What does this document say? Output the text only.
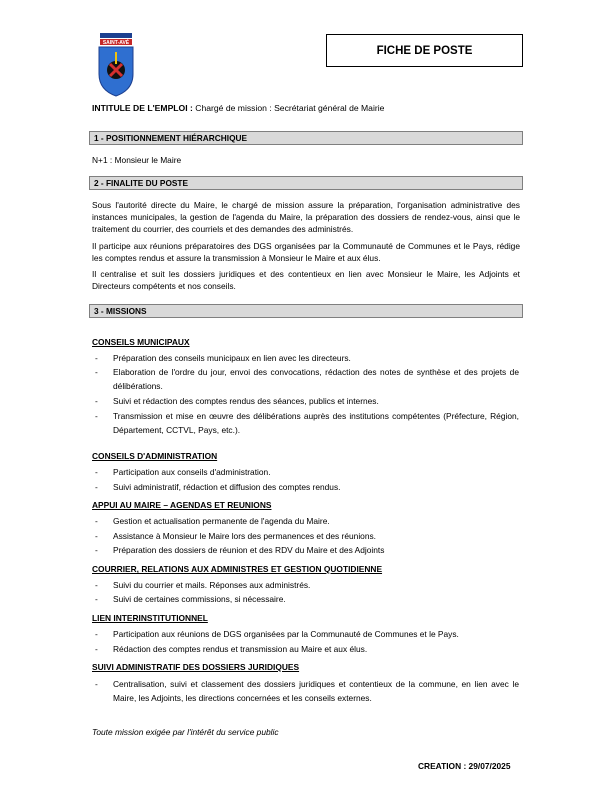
SAINT-AVÉ
FICHE DE POSTE
INTITULE DE L'EMPLOI : Chargé de mission : Secrétariat général de Mairie
1 - POSITIONNEMENT HIÉRARCHIQUE
N+1 : Monsieur le Maire
2 - FINALITE DU POSTE
Sous l'autorité directe du Maire, le chargé de mission assure la préparation, l'organisation administrative des instances municipales, la gestion de l'agenda du Maire, la préparation des dossiers de rendez-vous, ainsi que le traitement du courrier, des courriels et des demandes des administrés.
Il participe aux réunions préparatoires des DGS organisées par la Communauté de Communes et le Pays, rédige les comptes rendus et assure la transmission à Monsieur le Maire et aux élus.
Il centralise et suit les dossiers juridiques et des contentieux en lien avec Monsieur le Maire, les Adjoints et Directeurs compétents et nos conseils.
3 - MISSIONS
CONSEILS MUNICIPAUX
- Préparation des conseils municipaux en lien avec les directeurs.
- Elaboration de l'ordre du jour, envoi des convocations, rédaction des notes de synthèse et des projets de délibérations.
- Suivi et rédaction des comptes rendus des séances, publics et internes.
- Transmission et mise en œuvre des délibérations auprès des institutions compétentes (Préfecture, Région, Département, CCTVL, Pays, etc.).
CONSEILS D'ADMINISTRATION
- Participation aux conseils d'administration.
- Suivi administratif, rédaction et diffusion des comptes rendus.
APPUI AU MAIRE – AGENDAS ET REUNIONS
- Gestion et actualisation permanente de l'agenda du Maire.
- Assistance à Monsieur le Maire lors des permanences et des réunions.
- Préparation des dossiers de réunion et des RDV du Maire et des Adjoints
COURRIER, RELATIONS AUX ADMINISTRES ET GESTION QUOTIDIENNE
- Suivi du courrier et mails. Réponses aux administrés.
- Suivi de certaines commissions, si nécessaire.
LIEN INTERINSTITUTIONNEL
- Participation aux réunions de DGS organisées par la Communauté de Communes et le Pays.
- Rédaction des comptes rendus et transmission au Maire et aux élus.
SUIVI ADMINISTRATIF DES DOSSIERS JURIDIQUES
- Centralisation, suivi et classement des dossiers juridiques et contentieux de la commune, en lien avec le Maire, les Adjoints, les directions concernées et les conseils externes.
Toute mission exigée par l'intérêt du service public
CREATION : 29/07/2025
